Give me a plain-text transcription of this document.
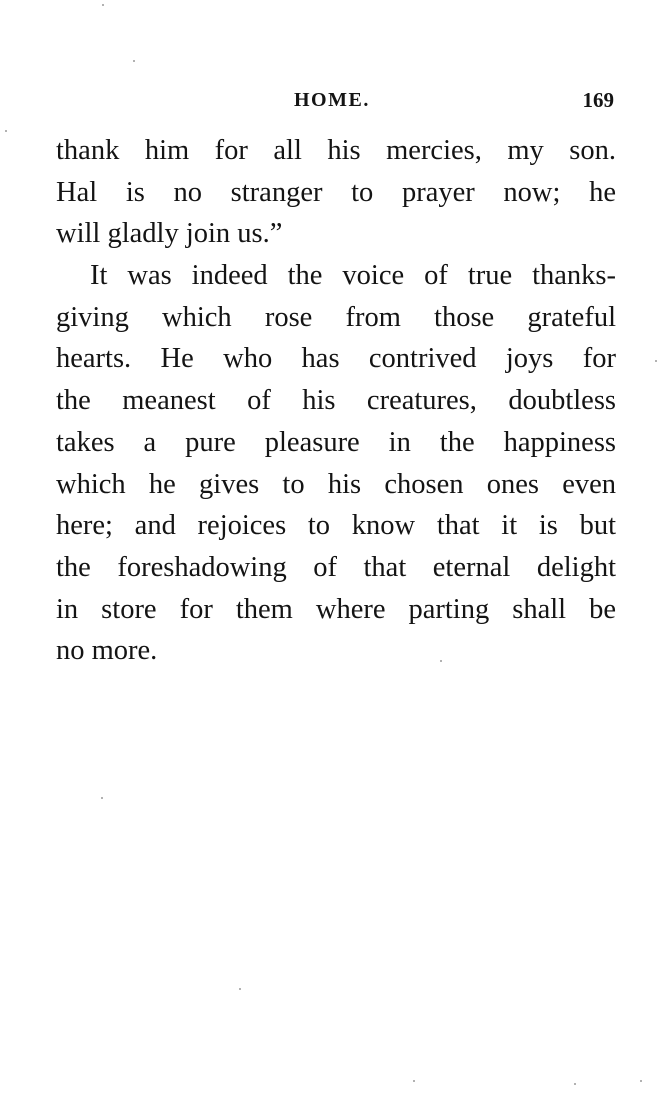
HOME.	169
thank him for all his mercies, my son.
Hal is no stranger to prayer now; he
will gladly join us.”
It was indeed the voice of true thanks-
giving which rose from those grateful
hearts. He who has contrived joys for
the meanest of his creatures, doubtless
takes a pure pleasure in the happiness
which he gives to his chosen ones even
here; and rejoices to know that it is but
the foreshadowing of that eternal delight
in store for them where parting shall be
no more.
